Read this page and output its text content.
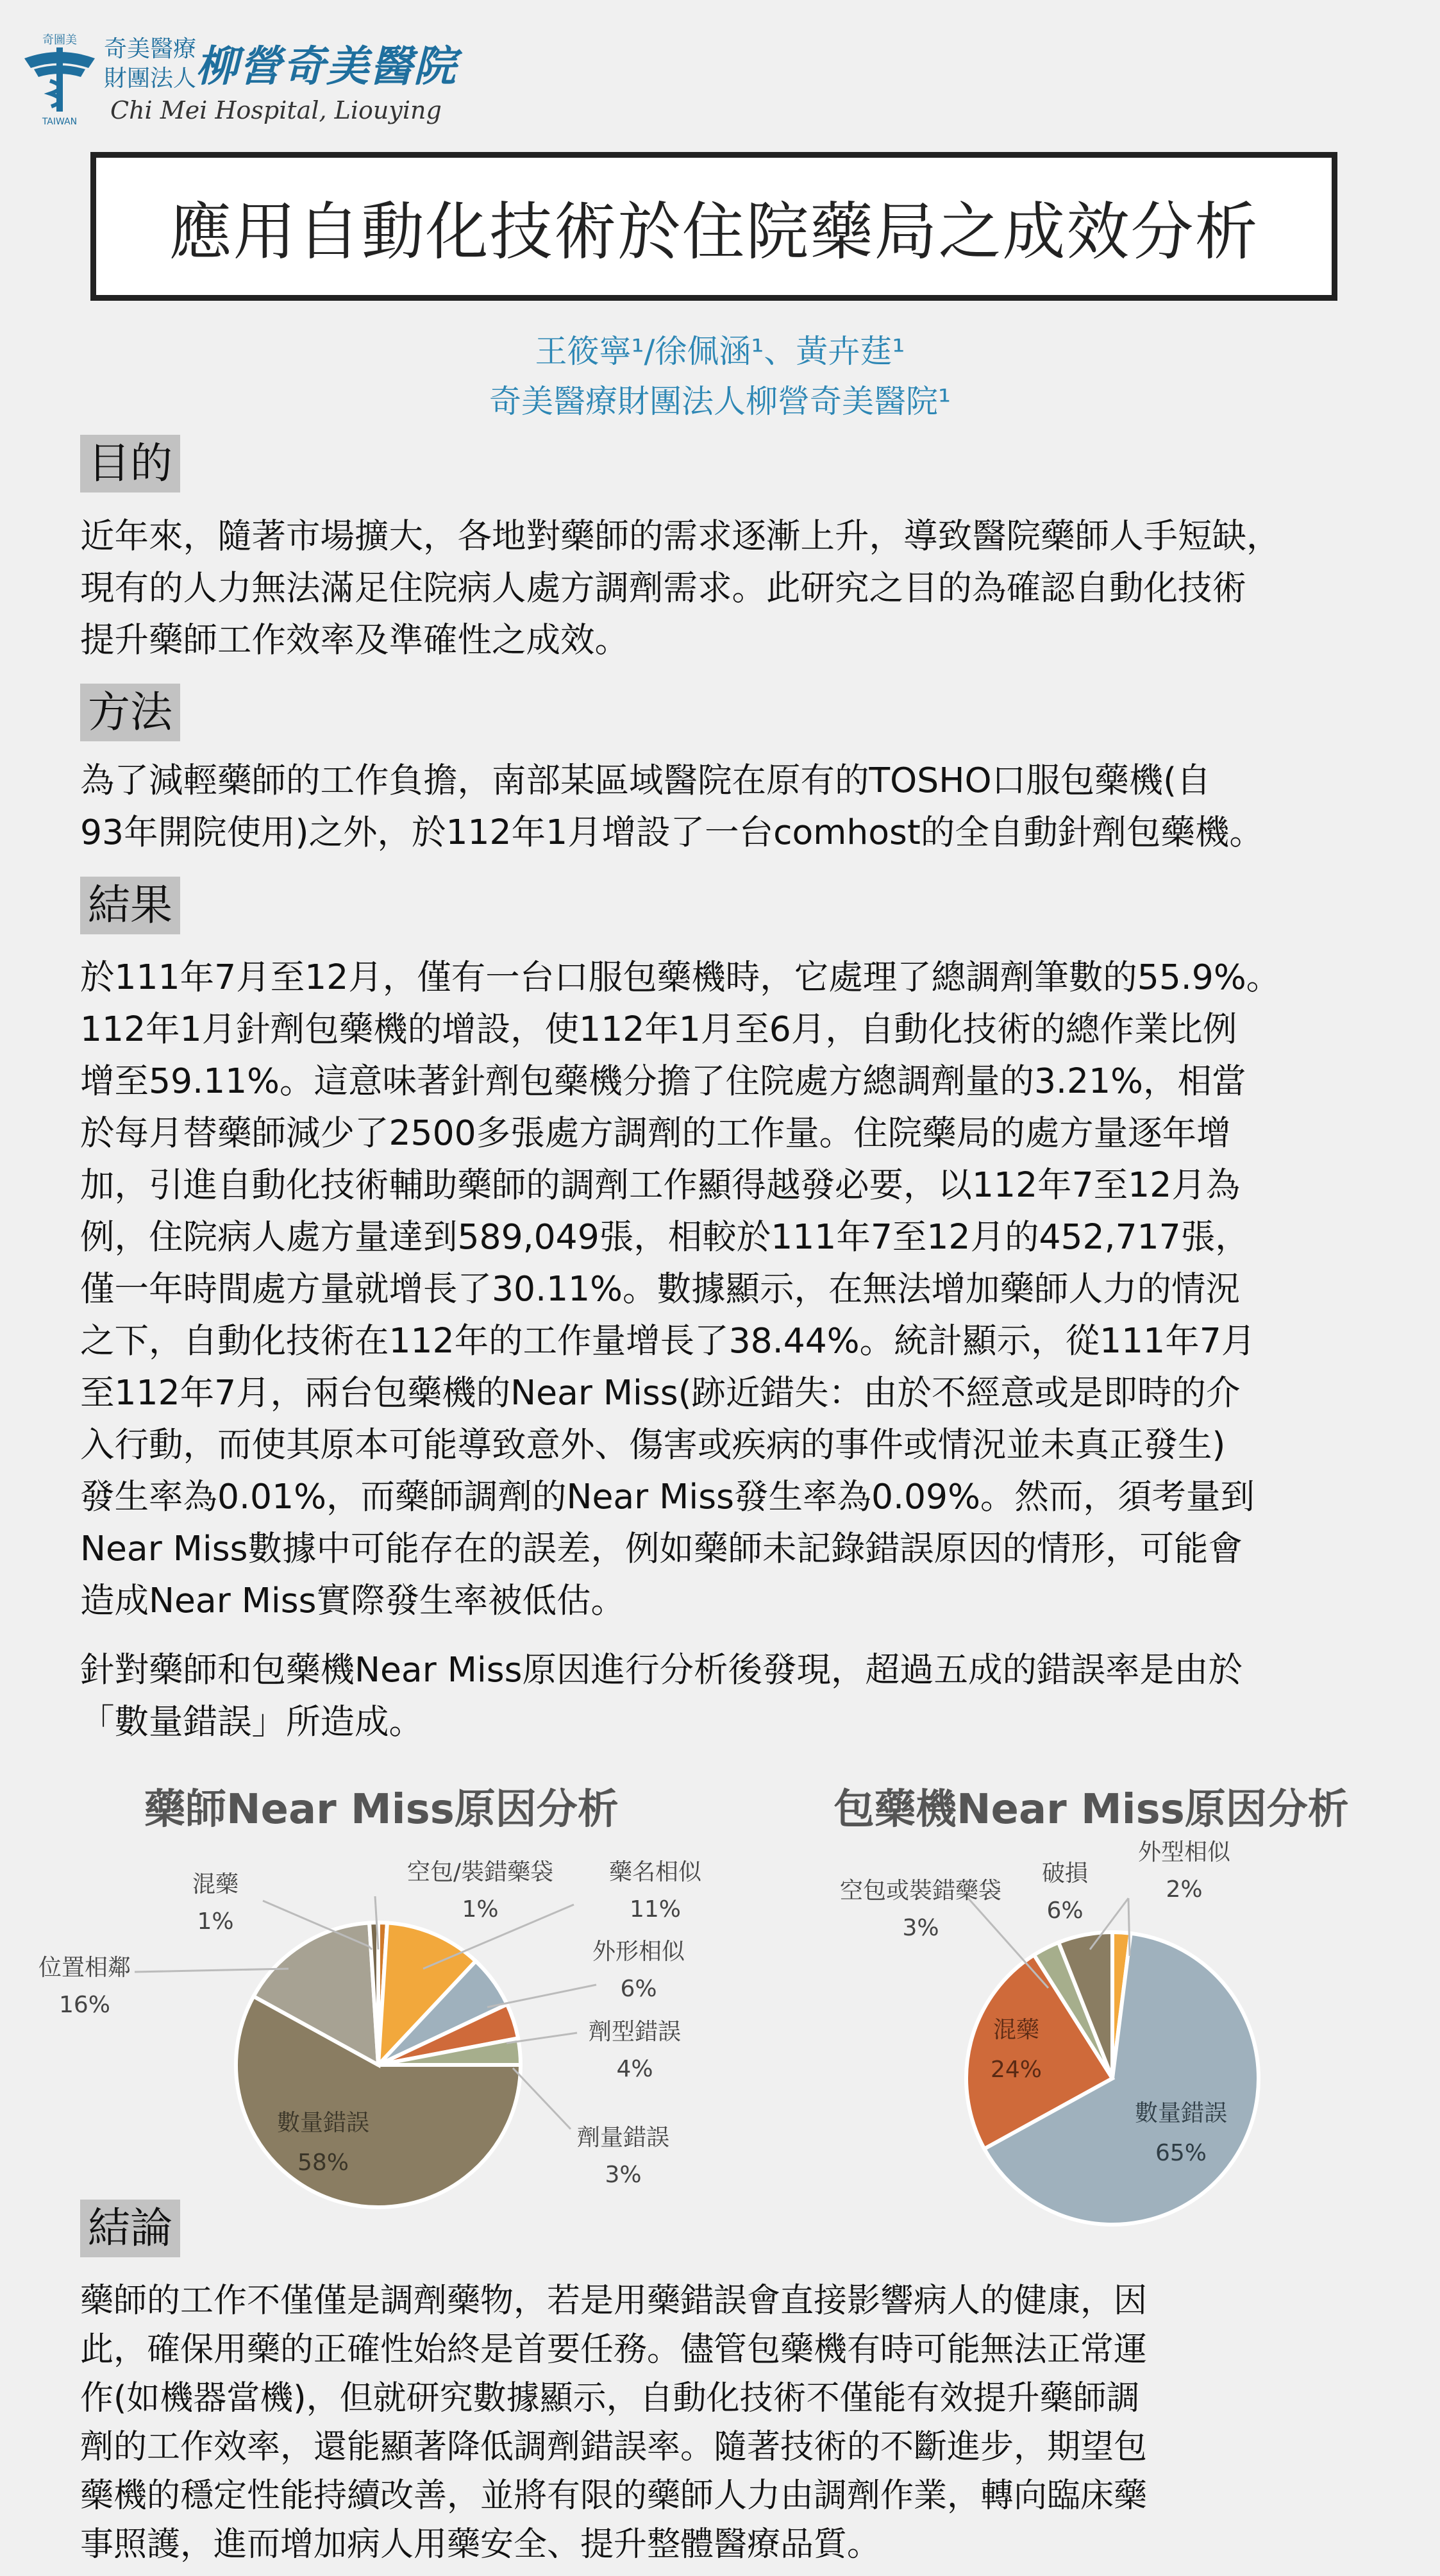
奇圖美
TAIWAN
奇美醫療
財團法人
柳營奇美醫院
Chi Mei Hospital, Liouying
應用自動化技術於住院藥局之成效分析
王筱寧¹/徐佩涵¹、黃卉莛¹
奇美醫療財團法人柳營奇美醫院¹
目的

近年來，隨著市場擴大，各地對藥師的需求逐漸上升，導致醫院藥師人手短缺，

現有的人力無法滿足住院病人處方調劑需求。此研究之目的為確認自動化技術

提升藥師工作效率及準確性之成效。

方法

為了減輕藥師的工作負擔，南部某區域醫院在原有的TOSHO口服包藥機(自

93年開院使用)之外，於112年1月增設了一台comhost的全自動針劑包藥機。

結果

於111年7月至12月，僅有一台口服包藥機時，它處理了總調劑筆數的55.9%。

112年1月針劑包藥機的增設，使112年1月至6月，自動化技術的總作業比例

增至59.11%。這意味著針劑包藥機分擔了住院處方總調劑量的3.21%，相當

於每月替藥師減少了2500多張處方調劑的工作量。住院藥局的處方量逐年增

加，引進自動化技術輔助藥師的調劑工作顯得越發必要，以112年7至12月為

例，住院病人處方量達到589,049張，相較於111年7至12月的452,717張，

僅一年時間處方量就增長了30.11%。數據顯示，在無法增加藥師人力的情況

之下，自動化技術在112年的工作量增長了38.44%。統計顯示，從111年7月

至112年7月，兩台包藥機的Near Miss(跡近錯失：由於不經意或是即時的介

入行動，而使其原本可能導致意外、傷害或疾病的事件或情況並未真正發生)

發生率為0.01%，而藥師調劑的Near Miss發生率為0.09%。然而，須考量到

Near Miss數據中可能存在的誤差，例如藥師未記錄錯誤原因的情形，可能會

造成Near Miss實際發生率被低估。

針對藥師和包藥機Near Miss原因進行分析後發現，超過五成的錯誤率是由於

「數量錯誤」所造成。

藥師Near Miss原因分析
混藥
1%
空包/裝錯藥袋
1%
藥名相似
11%
外形相似
6%
劑型錯誤
4%
劑量錯誤
3%
位置相鄰
16%
數量錯誤
58%
包藥機Near Miss原因分析
空包或裝錯藥袋
3%
破損
6%
外型相似
2%
混藥
24%
數量錯誤
65%
結論

藥師的工作不僅僅是調劑藥物，若是用藥錯誤會直接影響病人的健康，因

此，確保用藥的正確性始終是首要任務。儘管包藥機有時可能無法正常運

作(如機器當機)，但就研究數據顯示，自動化技術不僅能有效提升藥師調

劑的工作效率，還能顯著降低調劑錯誤率。隨著技術的不斷進步，期望包

藥機的穩定性能持續改善，並將有限的藥師人力由調劑作業，轉向臨床藥

事照護，進而增加病人用藥安全、提升整體醫療品質。
